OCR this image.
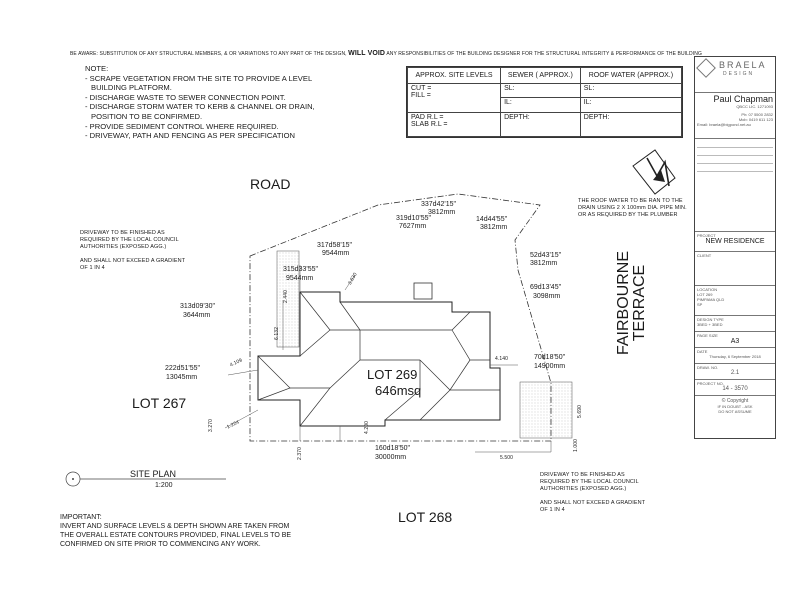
BE AWARE: SUBSTITUTION OF ANY STRUCTURAL MEMBERS, & OR VARIATIONS TO ANY PART OF THE DESIGN, WILL VOID ANY RESPONSIBILITIES OF THE BUILDING DESIGNER FOR THE STRUCTURAL INTEGRITY & PERFORMANCE OF THE BUILDING
NOTE:
- SCRAPE VEGETATION FROM THE SITE TO PROVIDE A LEVEL
BUILDING PLATFORM.
- DISCHARGE WASTE TO SEWER CONNECTION POINT.
- DISCHARGE STORM WATER TO KERB & CHANNEL OR DRAIN,
POSITION TO BE CONFIRMED.
- PROVIDE SEDIMENT CONTROL WHERE REQUIRED.
- DRIVEWAY, PATH AND FENCING AS PER SPECIFICATION
APPROX. SITE LEVELS	SEWER ( APPROX.)	ROOF WATER (APPROX.)
CUT =
FILL =	SL:	SL:
	IL:	IL:
PAD R.L =
SLAB R.L =	DEPTH:	DEPTH:
BRAELA
DESIGN
Paul Chapman
QBCC LIC. 1271093
Ph: 07 5500 2832
Mob: 0419 611 123
Email: braela@bigpond.net.au
PROJECT
NEW RESIDENCE
CLIENT
LOCATION
LOT 269
PIMPAMA QLD
SP
DESIGN TYPE
3BED + 3BED
PAGE SIZE
A3
DATE
Thursday, 6 September 2018
DRAW. NO.
2.1
PROJECT NO.
14 - 3570
© Copyright
IF IN DOUBT - ASK
DO NOT ASSUME
ROAD
FAIRBOURNE
TERRACE
LOT 269
646msq
LOT 267
LOT 268
SITE PLAN
1:200
DRIVEWAY TO BE FINISHED AS
REQUIRED BY THE LOCAL COUNCIL
AUTHORITIES (EXPOSED AGG.)

AND SHALL NOT EXCEED A GRADIENT
OF 1 IN 4
DRIVEWAY TO BE FINISHED AS
REQUIRED BY THE LOCAL COUNCIL
AUTHORITIES (EXPOSED AGG.)

AND SHALL NOT EXCEED A GRADIENT
OF 1 IN 4
THE ROOF WATER TO BE RAN TO THE
DRAIN USING 2 X 100mm DIA. PIPE MIN.
OR AS REQUIRED BY THE PLUMBER
337d42'15"
3812mm
319d10'55"
7627mm
14d44'55"
3812mm
317d58'15"
9544mm
315d33'55"
9544mm
52d43'15"
3812mm
69d13'45"
3098mm
313d09'30"
3644mm
222d51'55"
13045mm
70d18'50"
14900mm
160d18'50"
30000mm
2.440
3.630
6.132
4.109
1.224
3.270
2.370
4.200
4.140
5.690
5.500
1.000
IMPORTANT:
INVERT AND SURFACE LEVELS & DEPTH SHOWN ARE TAKEN FROM
THE OVERALL ESTATE CONTOURS PROVIDED, FINAL LEVELS TO BE
CONFIRMED ON SITE PRIOR TO COMMENCING ANY WORK.
